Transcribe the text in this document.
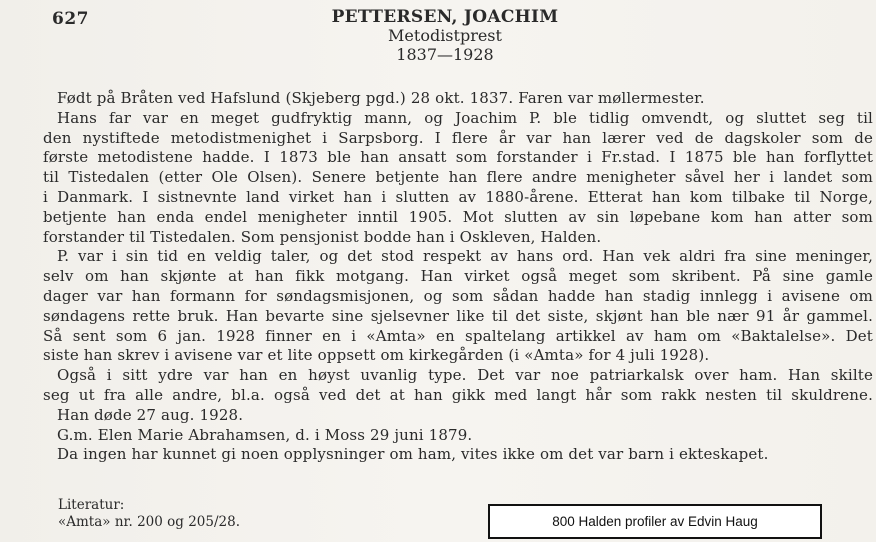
627	PETTERSEN, JOACHIM
Metodistprest
1837—1928
Født på Bråten ved Hafslund (Skjeberg pgd.) 28 okt. 1837. Faren var møllermester.
Hans far var en meget gudfryktig mann, og Joachim P. ble tidlig omvendt, og sluttet seg til
den nystiftede metodistmenighet i Sarpsborg. I flere år var han lærer ved de dagskoler som de
første metodistene hadde. I 1873 ble han ansatt som forstander i Fr.stad. I 1875 ble han forflyttet
til Tistedalen (etter Ole Olsen). Senere betjente han flere andre menigheter såvel her i landet som
i Danmark. I sistnevnte land virket han i slutten av 1880-årene. Etterat han kom tilbake til Norge,
betjente han enda endel menigheter inntil 1905. Mot slutten av sin løpebane kom han atter som
forstander til Tistedalen. Som pensjonist bodde han i Oskleven, Halden.
P. var i sin tid en veldig taler, og det stod respekt av hans ord. Han vek aldri fra sine meninger,
selv om han skjønte at han fikk motgang. Han virket også meget som skribent. På sine gamle
dager var han formann for søndagsmisjonen, og som sådan hadde han stadig innlegg i avisene om
søndagens rette bruk. Han bevarte sine sjelsevner like til det siste, skjønt han ble nær 91 år gammel.
Så sent som 6 jan. 1928 finner en i «Amta» en spaltelang artikkel av ham om «Baktalelse». Det
siste han skrev i avisene var et lite oppsett om kirkegården (i «Amta» for 4 juli 1928).
Også i sitt ydre var han en høyst uvanlig type. Det var noe patriarkalsk over ham. Han skilte
seg ut fra alle andre, bl.a. også ved det at han gikk med langt hår som rakk nesten til skuldrene.
Han døde 27 aug. 1928.
G.m. Elen Marie Abrahamsen, d. i Moss 29 juni 1879.
Da ingen har kunnet gi noen opplysninger om ham, vites ikke om det var barn i ekteskapet.
Literatur:
«Amta» nr. 200 og 205/28.	800 Halden profiler av Edvin Haug
